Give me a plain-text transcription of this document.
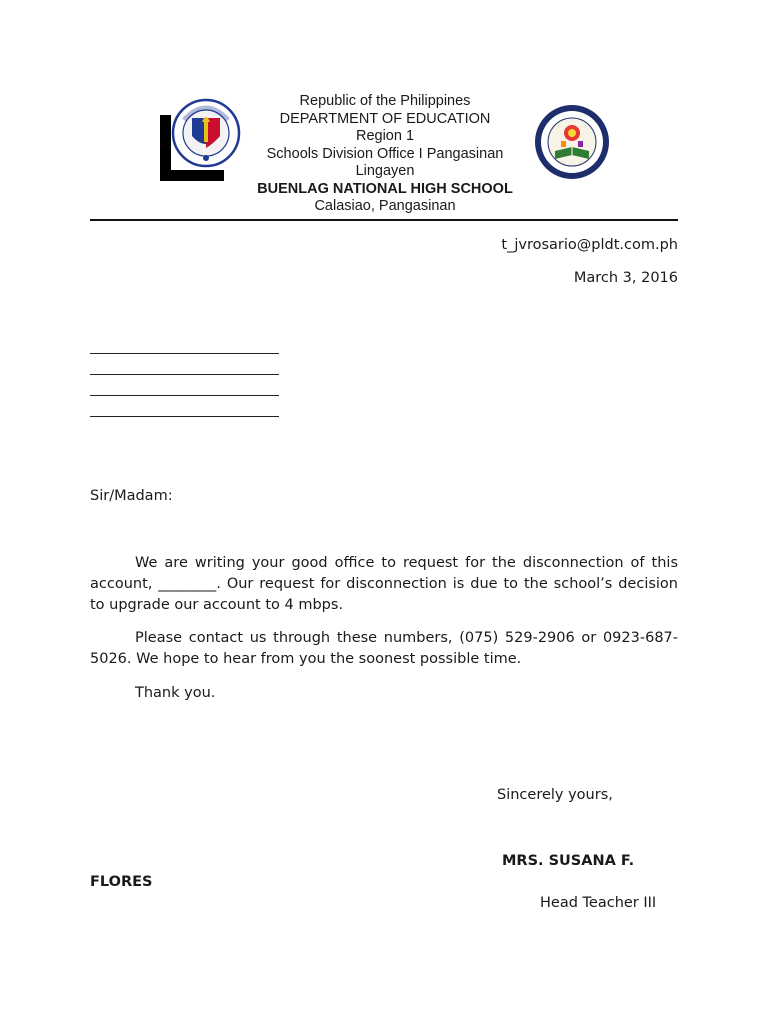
Republic of the Philippines
DEPARTMENT OF EDUCATION
Region 1
Schools Division Office I Pangasinan
Lingayen
BUENLAG NATIONAL HIGH SCHOOL
Calasiao, Pangasinan
t_jvrosario@pldt.com.ph
March 3, 2016
Sir/Madam:
We are writing your good office to request for the disconnection of this account, ________. Our request for disconnection is due to the school’s decision to upgrade our account to 4 mbps.
Please contact us through these numbers, (075) 529-2906 or 0923-687-5026. We hope to hear from you the soonest possible time.
Thank you.
Sincerely yours,
MRS. SUSANA F.
FLORES
Head Teacher III
